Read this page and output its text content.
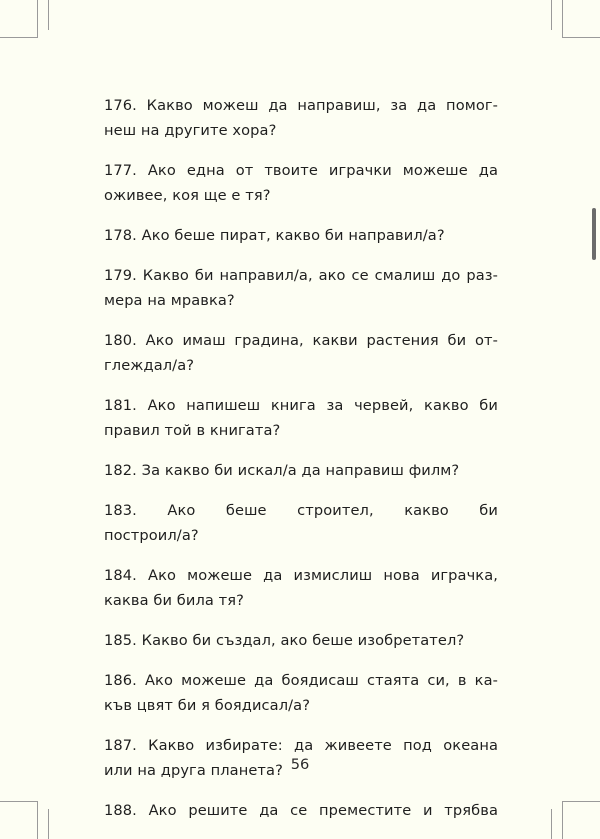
176. Какво можеш да направиш, за да помог-
неш на другите хора?

177. Ако една от твоите играчки можеше да
оживее, коя ще е тя?

178. Ако беше пират, какво би направил/а?

179. Какво би направил/а, ако се смалиш до раз-
мера на мравка?

180. Ако имаш градина, какви растения би от-
глеждал/а?

181. Ако напишеш книга за червей, какво би
правил той в книгата?

182. За какво би искал/а да направиш филм?

183. Ако беше строител, какво би
построил/а?

184. Ако можеше да измислиш нова играчка,
каква би била тя?

185. Какво би създал, ако беше изобретател?

186. Ако можеше да боядисаш стаята си, в ка-
къв цвят би я боядисал/а?

187. Какво избирате: да живеете под океана
или на друга планета?

188. Ако решите да се преместите и трябва

56
